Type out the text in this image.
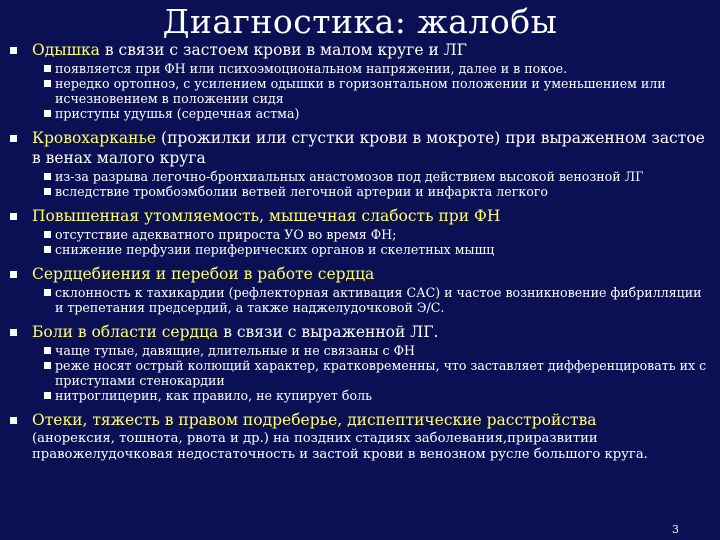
Диагностика: жалобы
Одышка в связи с застоем крови в малом круге и ЛГ
появляется при ФН или психоэмоциональном напряжении, далее и в покое.
нередко ортопноэ, с усилением одышки в горизонтальном положении и уменьшением или исчезновением в положении сидя
приступы удушья (сердечная астма)
Кровохарканье (прожилки или сгустки крови в мокроте) при выраженном застое в венах малого круга
из-за разрыва легочно-бронхиальных анастомозов под действием высокой венозной ЛГ
вследствие тромбоэмболии ветвей легочной артерии и инфаркта легкого
Повышенная утомляемость, мышечная слабость при ФН
отсутствие адекватного прироста УО во время ФН;
снижение перфузии периферических органов и скелетных мышц
Сердцебиения и перебои в работе сердца
склонность к тахикардии (рефлекторная активация САС) и частое возникновение фибрилляции и трепетания предсердий, а также наджелудочковой Э/С.
Боли в области сердца в связи с выраженной ЛГ.
чаще тупые, давящие, длительные и не связаны с ФН
реже носят острый колющий характер, кратковременны, что заставляет дифференцировать их с приступами стенокардии
нитроглицерин, как правило, не купирует боль
Отеки, тяжесть в правом подреберье, диспептические расстройства
(анорексия, тошнота, рвота и др.) на поздних стадиях заболевания,приразвитии правожелудочковая недостаточность и застой крови в венозном русле большого круга.
3
